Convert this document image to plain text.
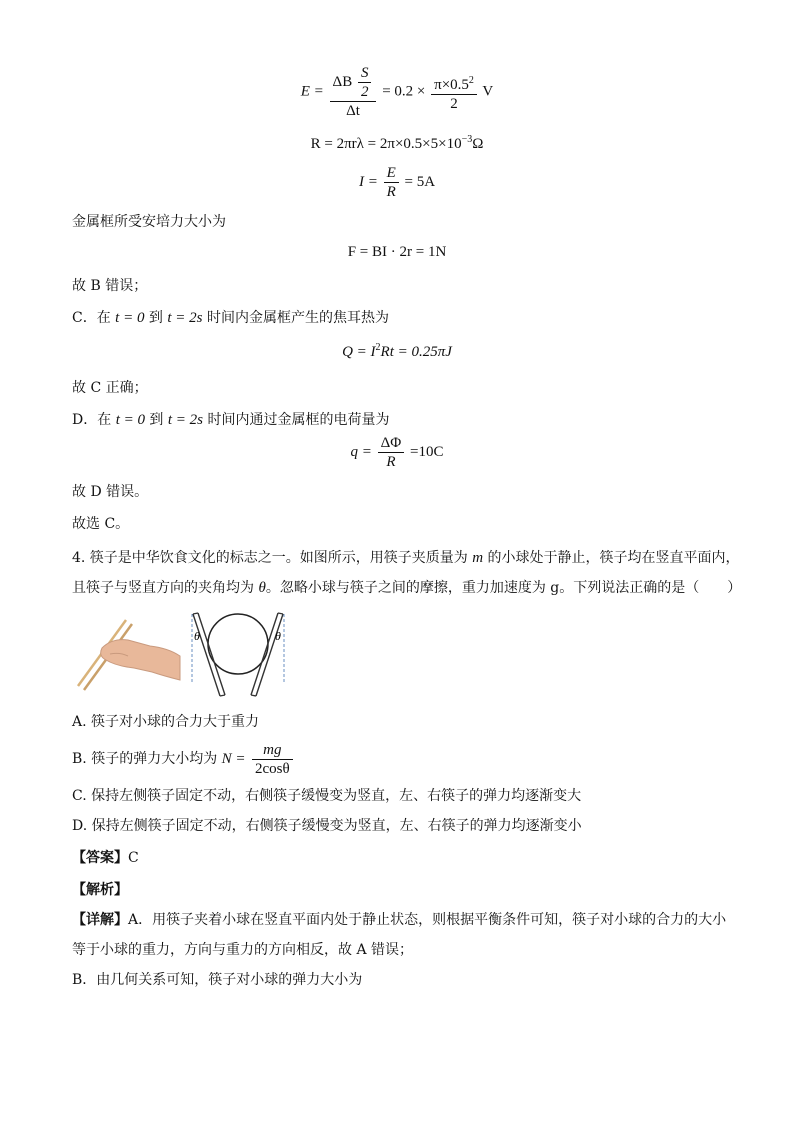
$E = \frac{\Delta B \frac{S}{2}}{\Delta t} = 0.2 \times \frac{\pi\times 0.5^2}{2}$ V
$R = 2\pi r\lambda = 2\pi\times 0.5\times 5\times 10^{-3}\Omega$
$I = \frac{E}{R} = 5A$
金属框所受安培力大小为
F = BI · 2r = 1N
故 B 错误；
C．在 t = 0 到 t = 2s 时间内金属框产生的焦耳热为
$Q = I^2Rt = 0.25\pi J$
故 C 正确；
D．在 t = 0 到 t = 2s 时间内通过金属框的电荷量为
$q = \frac{\Delta\Phi}{R} =10C$
故 D 错误。
故选 C。
4. 筷子是中华饮食文化的标志之一。如图所示，用筷子夹质量为 m 的小球处于静止，筷子均在竖直平面内，
且筷子与竖直方向的夹角均为 θ。忽略小球与筷子之间的摩擦，重力加速度为 g。下列说法正确的是（　　）
θ	θ
A. 筷子对小球的合力大于重力
B. 筷子的弹力大小均为 $N = \frac{mg}{2\cos\theta}$
C. 保持左侧筷子固定不动，右侧筷子缓慢变为竖直，左、右筷子的弹力均逐渐变大
D. 保持左侧筷子固定不动，右侧筷子缓慢变为竖直，左、右筷子的弹力均逐渐变小
【答案】C
【解析】
【详解】A．用筷子夹着小球在竖直平面内处于静止状态，则根据平衡条件可知，筷子对小球的合力的大小
等于小球的重力，方向与重力的方向相反，故 A 错误；
B．由几何关系可知，筷子对小球的弹力大小为
